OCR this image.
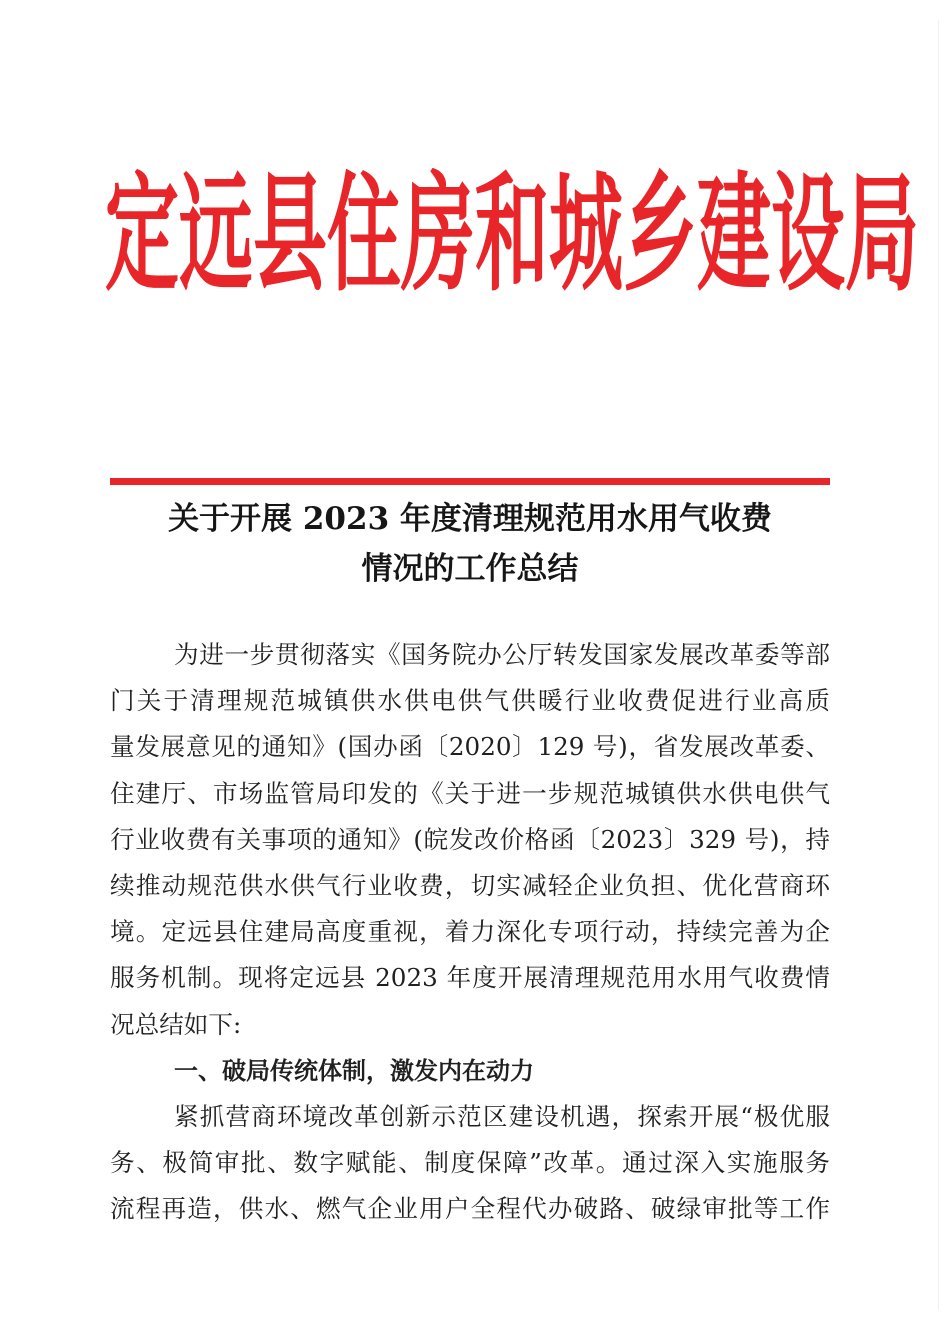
定 远 县 住 房 和 城 乡 建 设 局
关于开展 2023 年度清理规范用水用气收费
情况的工作总结
为进一步贯彻落实《国务院办公厅转发国家发展改革委等部
门关于清理规范城镇供水供电供气供暖行业收费促进行业高质
量发展意见的通知》(国办函〔2020〕129 号)，省发展改革委、
住建厅、市场监管局印发的《关于进一步规范城镇供水供电供气
行业收费有关事项的通知》(皖发改价格函〔2023〕329 号)，持
续推动规范供水供气行业收费，切实减轻企业负担、优化营商环
境。定远县住建局高度重视，着力深化专项行动，持续完善为企
服务机制。现将定远县 2023 年度开展清理规范用水用气收费情
况总结如下:
一、破局传统体制，激发内在动力
紧抓营商环境改革创新示范区建设机遇，探索开展“极优服
务、极简审批、数字赋能、制度保障”改革。通过深入实施服务
流程再造，供水、燃气企业用户全程代办破路、破绿审批等工作
